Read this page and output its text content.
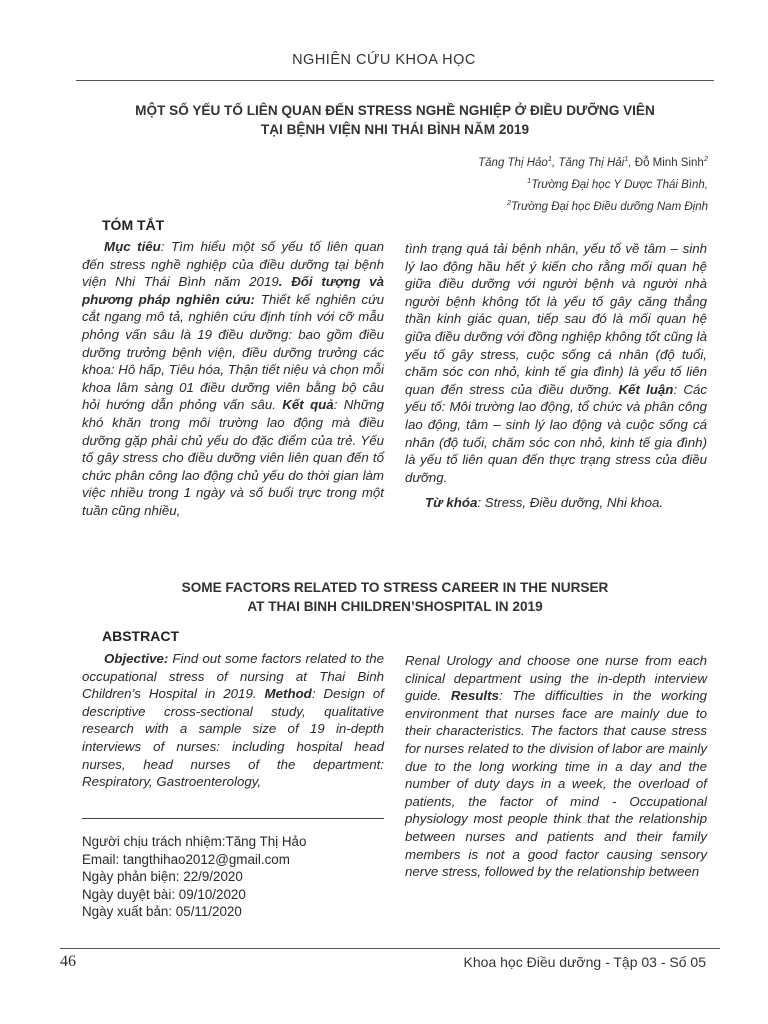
NGHIÊN CỨU KHOA HỌC
MỘT SỐ YẾU TỐ LIÊN QUAN ĐẾN STRESS NGHỀ NGHIỆP Ở ĐIỀU DƯỠNG VIÊN
TẠI BỆNH VIỆN NHI THÁI BÌNH NĂM 2019
Tăng Thị Hảo$^1$, Tăng Thị Hải$^1$, Đỗ Minh Sinh$^2$
$^1$Trường Đại học Y Dược Thái Bình,
$^2$Trường Đại học Điều dưỡng Nam Định
TÓM TẮT
Mục tiêu: Tìm hiểu một số yếu tố liên quan đến stress nghề nghiệp của điều dưỡng tại bệnh viện Nhi Thái Bình năm 2019. Đối tượng và phương pháp nghiên cứu: Thiết kế nghiên cứu cắt ngang mô tả, nghiên cứu định tính với cỡ mẫu phỏng vấn sâu là 19 điều dưỡng: bao gồm điều dưỡng trưởng bệnh viện, điều dưỡng trưởng các khoa: Hô hấp, Tiêu hóa, Thận tiết niệu và chọn mỗi khoa lâm sàng 01 điều dưỡng viên bằng bộ câu hỏi hướng dẫn phỏng vấn sâu. Kết quả: Những khó khăn trong môi trường lao động mà điều dưỡng gặp phải chủ yếu do đặc điểm của trẻ. Yếu tố gây stress cho điều dưỡng viên liên quan đến tổ chức phân công lao động chủ yếu do thời gian làm việc nhiều trong 1 ngày và số buổi trực trong một tuần cũng nhiều,
tình trạng quá tải bệnh nhân, yếu tố về tâm – sinh lý lao động hầu hết ý kiến cho rằng mối quan hệ giữa điều dưỡng với người bệnh và người nhà người bệnh không tốt là yếu tố gây căng thẳng thần kinh giác quan, tiếp sau đó là mối quan hệ giữa điều dưỡng với đồng nghiệp không tốt cũng là yếu tố gây stress, cuộc sống cá nhân (độ tuổi, chăm sóc con nhỏ, kinh tế gia đình) là yếu tố liên quan đến stress của điều dưỡng. Kết luận: Các yếu tố: Môi trường lao động, tổ chức và phân công lao động, tâm – sinh lý lao động và cuộc sống cá nhân (độ tuổi, chăm sóc con nhỏ, kinh tế gia đình) là yếu tố liên quan đến thực trạng stress của điều dưỡng.
Từ khóa: Stress, Điều dưỡng, Nhi khoa.
SOME FACTORS RELATED TO STRESS CAREER IN THE NURSER
AT THAI BINH CHILDREN’SHOSPITAL IN 2019
ABSTRACT
Objective: Find out some factors related to the occupational stress of nursing at Thai Binh Children’s Hospital in 2019. Method: Design of descriptive cross-sectional study, qualitative research with a sample size of 19 in-depth interviews of nurses: including hospital head nurses, head nurses of the department: Respiratory, Gastroenterology,
Renal Urology and choose one nurse from each clinical department using the in-depth interview guide. Results: The difficulties in the working environment that nurses face are mainly due to their characteristics. The factors that cause stress for nurses related to the division of labor are mainly due to the long working time in a day and the number of duty days in a week, the overload of patients, the factor of mind - Occupational physiology most people think that the relationship between nurses and patients and their family members is not a good factor causing sensory nerve stress, followed by the relationship between
Người chịu trách nhiệm:Tăng Thị Hảo
Email: tangthihao2012@gmail.com
Ngày phản biện: 22/9/2020
Ngày duyệt bài: 09/10/2020
Ngày xuất bản: 05/11/2020
46	Khoa học Điều dưỡng - Tập 03 - Số 05
